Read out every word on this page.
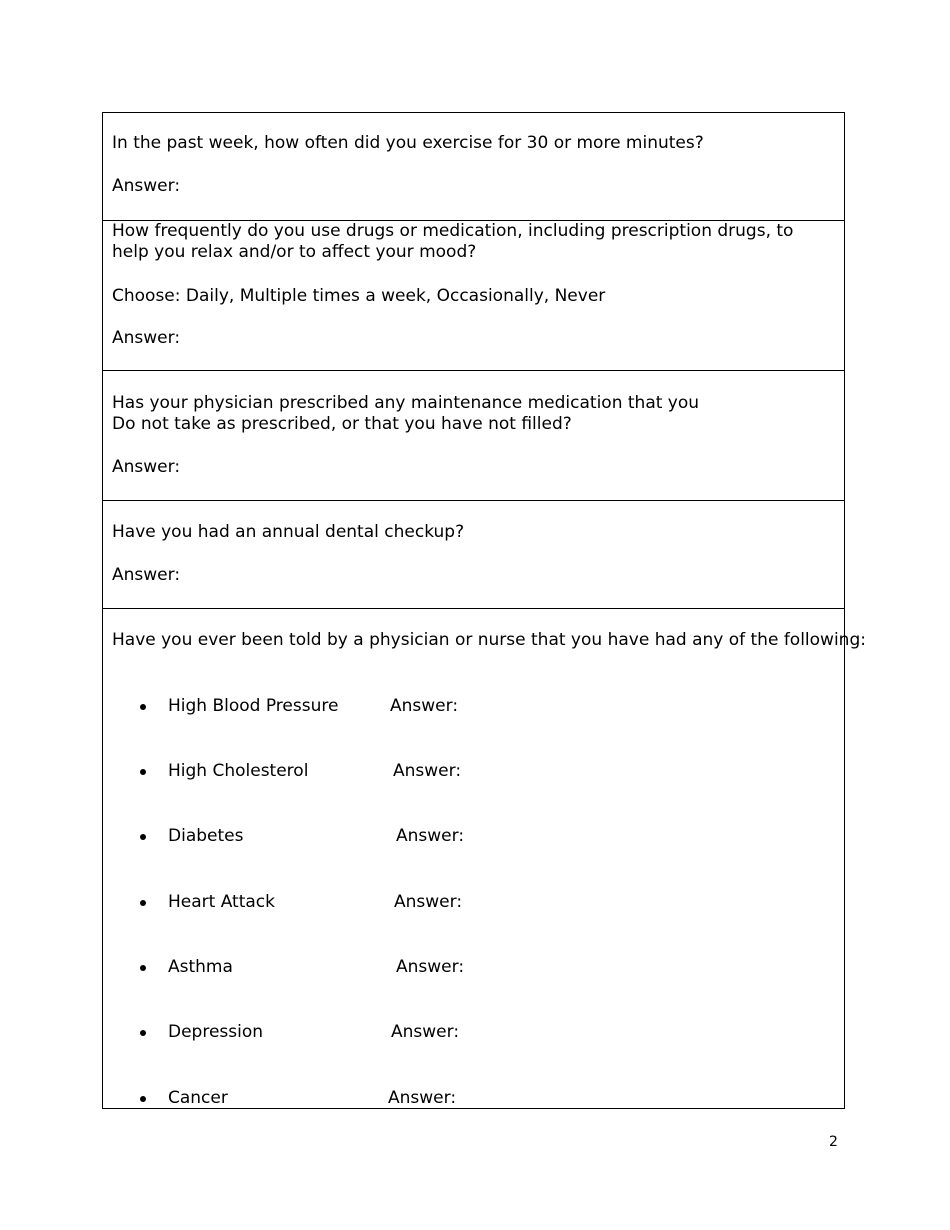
In the past week, how often did you exercise for 30 or more minutes?
Answer:
How frequently do you use drugs or medication, including prescription drugs, to
help you relax and/or to affect your mood?
Choose: Daily, Multiple times a week, Occasionally, Never
Answer:
Has your physician prescribed any maintenance medication that you
Do not take as prescribed, or that you have not filled?
Answer:
Have you had an annual dental checkup?
Answer:
Have you ever been told by a physician or nurse that you have had any of the following:
High Blood Pressure	Answer:
High Cholesterol	Answer:
Diabetes	Answer:
Heart Attack	Answer:
Asthma	Answer:
Depression	Answer:
Cancer	Answer:
2
